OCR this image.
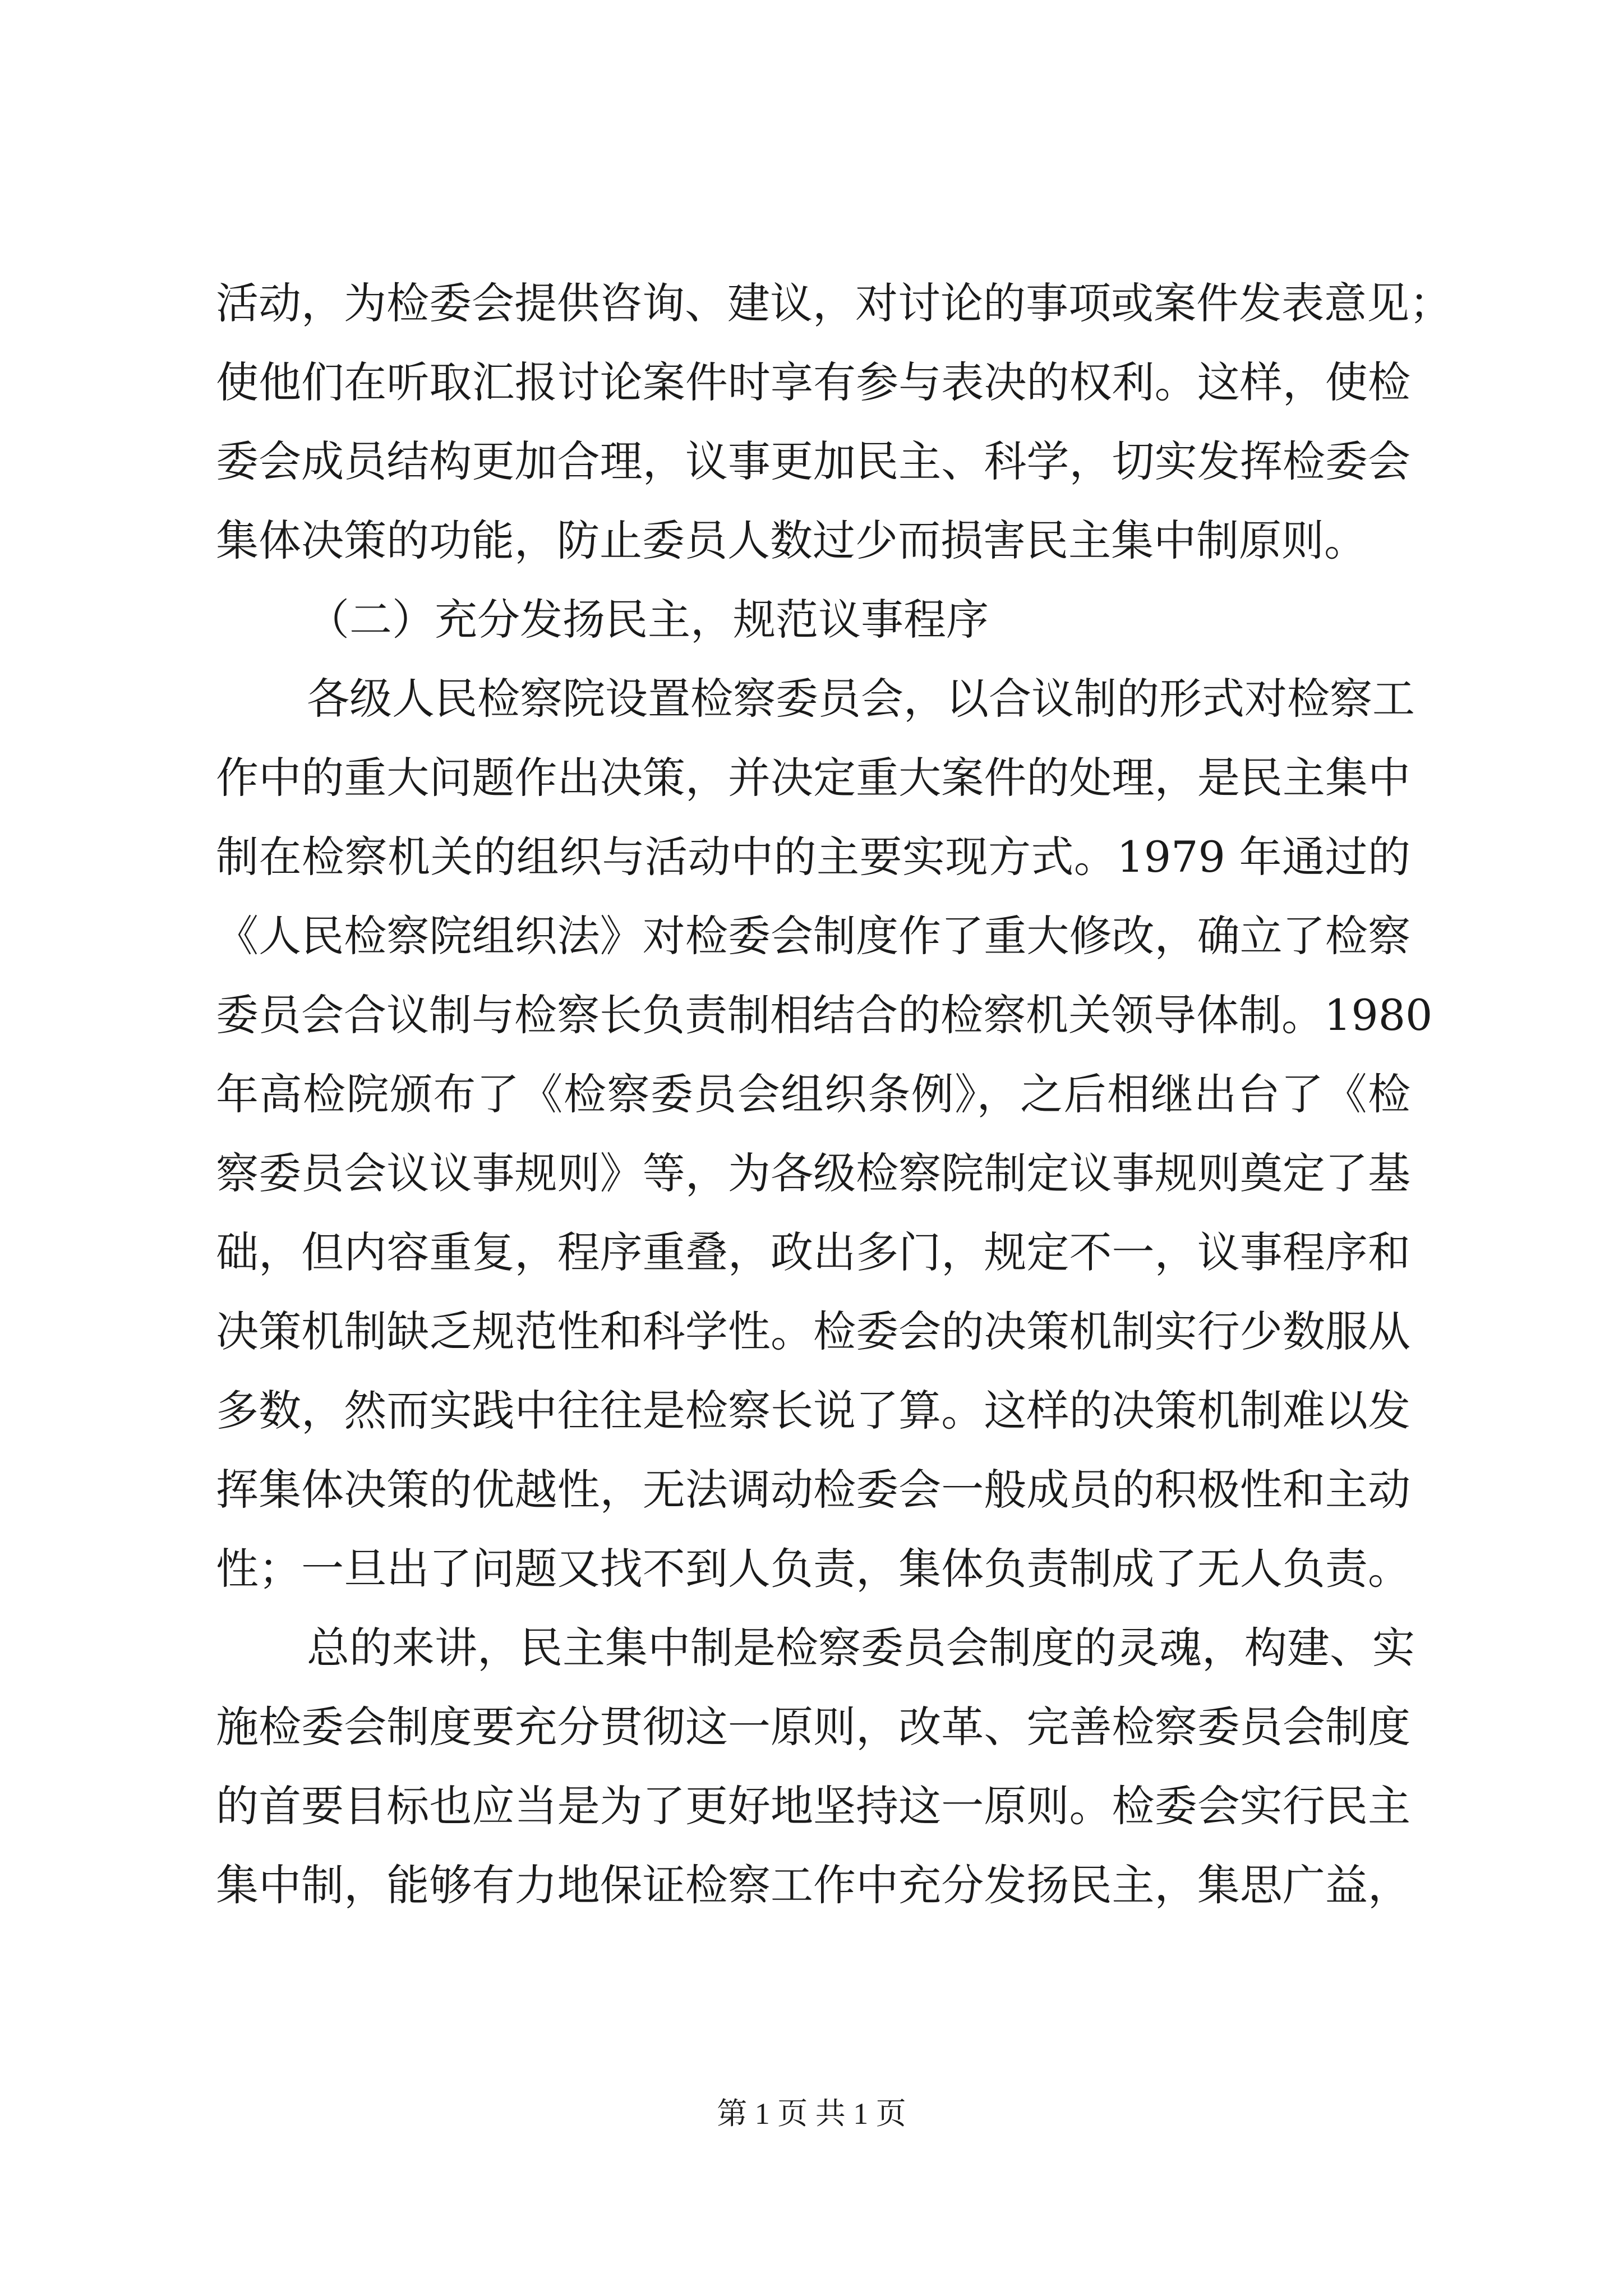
活动，为检委会提供咨询、建议，对讨论的事项或案件发表意见；
使他们在听取汇报讨论案件时享有参与表决的权利。这样，使检
委会成员结构更加合理，议事更加民主、科学，切实发挥检委会
集体决策的功能，防止委员人数过少而损害民主集中制原则。
（二）充分发扬民主，规范议事程序
各级人民检察院设置检察委员会，以合议制的形式对检察工
作中的重大问题作出决策，并决定重大案件的处理，是民主集中
制在检察机关的组织与活动中的主要实现方式。1979 年通过的
《人民检察院组织法》对检委会制度作了重大修改，确立了检察
委员会合议制与检察长负责制相结合的检察机关领导体制。1980
年高检院颁布了《检察委员会组织条例》，之后相继出台了《检
察委员会议议事规则》等，为各级检察院制定议事规则奠定了基
础，但内容重复，程序重叠，政出多门，规定不一，议事程序和
决策机制缺乏规范性和科学性。检委会的决策机制实行少数服从
多数，然而实践中往往是检察长说了算。这样的决策机制难以发
挥集体决策的优越性，无法调动检委会一般成员的积极性和主动
性；一旦出了问题又找不到人负责，集体负责制成了无人负责。
总的来讲，民主集中制是检察委员会制度的灵魂，构建、实
施检委会制度要充分贯彻这一原则，改革、完善检察委员会制度
的首要目标也应当是为了更好地坚持这一原则。检委会实行民主
集中制，能够有力地保证检察工作中充分发扬民主，集思广益，
第 1 页 共 1 页
